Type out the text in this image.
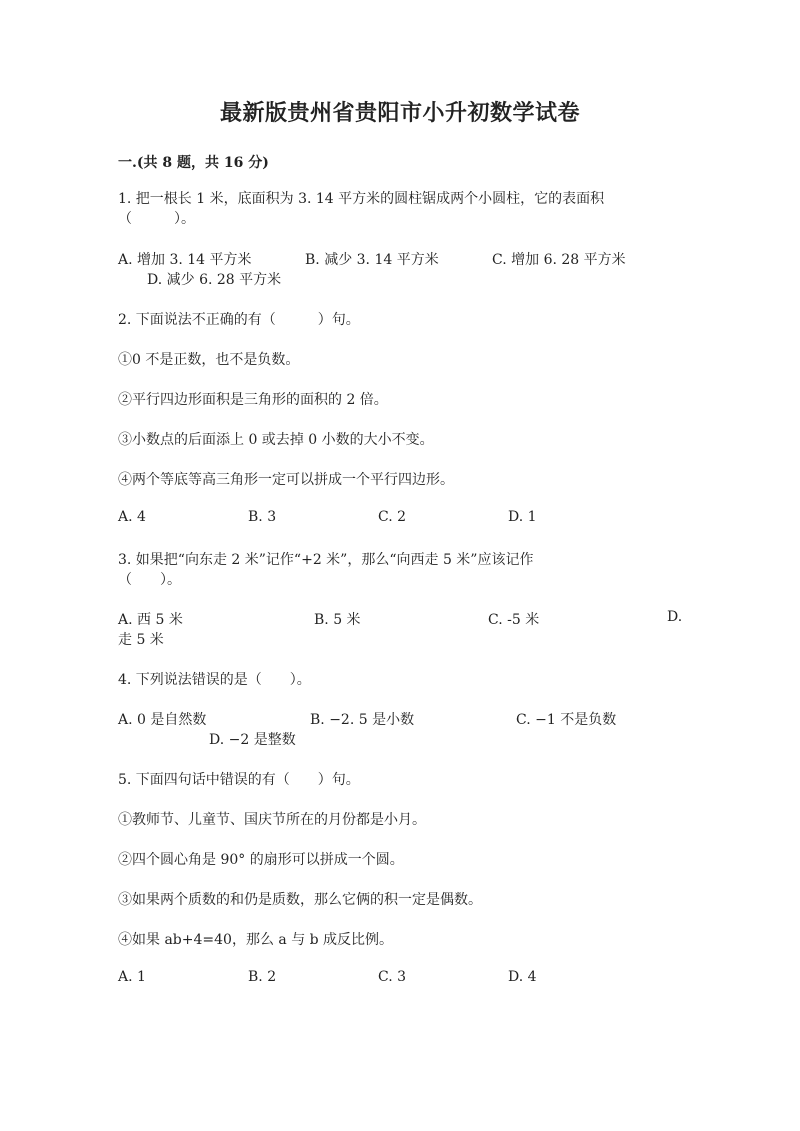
最新版贵州省贵阳市小升初数学试卷
一.(共 8 题，共 16 分)
1. 把一根长 1 米，底面积为 3. 14 平方米的圆柱锯成两个小圆柱，它的表面积
（　　　）。
A. 增加 3. 14 平方米	B. 减少 3. 14 平方米	C. 增加 6. 28 平方米
D. 减少 6. 28 平方米
2. 下面说法不正确的有（　　　）句。
①0 不是正数，也不是负数。
②平行四边形面积是三角形的面积的 2 倍。
③小数点的后面添上 0 或去掉 0 小数的大小不变。
④两个等底等高三角形一定可以拼成一个平行四边形。
A. 4	B. 3	C. 2	D. 1
3. 如果把“向东走 2 米”记作“+2 米”，那么“向西走 5 米”应该记作
（　　）。
A. 西 5 米	B. 5 米	C. -5 米	D.
走 5 米
4. 下列说法错误的是（　　）。
A. 0 是自然数	B. −2. 5 是小数	C. −1 不是负数
D. −2 是整数
5. 下面四句话中错误的有（　　）句。
①教师节、儿童节、国庆节所在的月份都是小月。
②四个圆心角是 90° 的扇形可以拼成一个圆。
③如果两个质数的和仍是质数，那么它俩的积一定是偶数。
④如果 ab+4=40，那么 a 与 b 成反比例。
A. 1	B. 2	C. 3	D. 4
